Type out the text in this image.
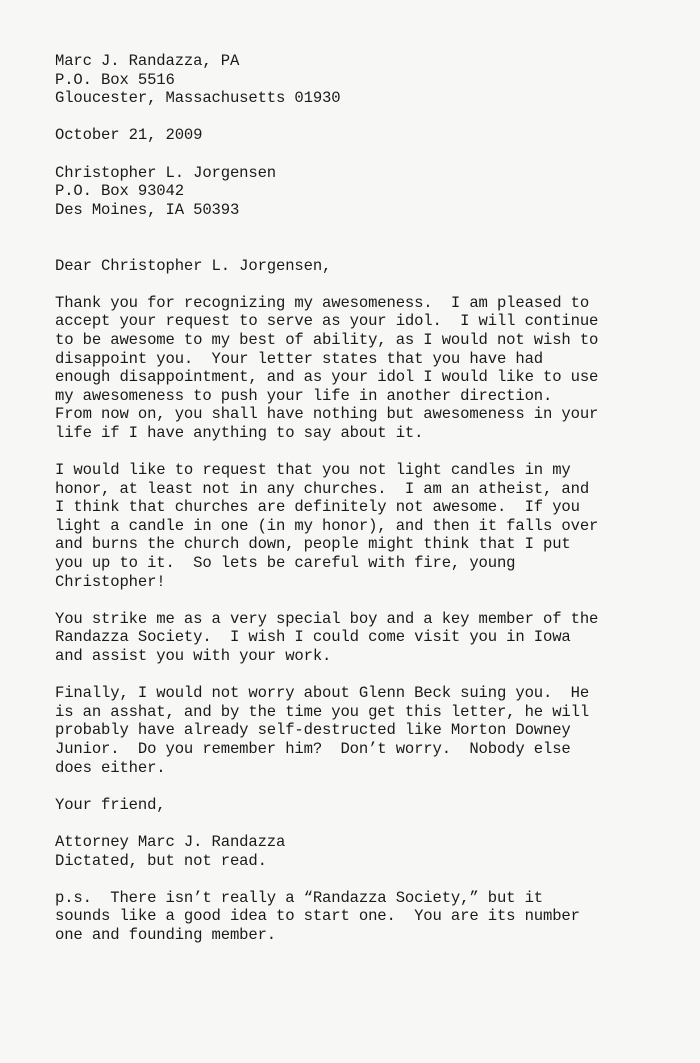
Marc J. Randazza, PA
P.O. Box 5516
Gloucester, Massachusetts 01930
October 21, 2009
Christopher L. Jorgensen
P.O. Box 93042
Des Moines, IA 50393
Dear Christopher L. Jorgensen,
Thank you for recognizing my awesomeness.  I am pleased to
accept your request to serve as your idol.  I will continue
to be awesome to my best of ability, as I would not wish to
disappoint you.  Your letter states that you have had
enough disappointment, and as your idol I would like to use
my awesomeness to push your life in another direction.
From now on, you shall have nothing but awesomeness in your
life if I have anything to say about it.
I would like to request that you not light candles in my
honor, at least not in any churches.  I am an atheist, and
I think that churches are definitely not awesome.  If you
light a candle in one (in my honor), and then it falls over
and burns the church down, people might think that I put
you up to it.  So lets be careful with fire, young
Christopher!
You strike me as a very special boy and a key member of the
Randazza Society.  I wish I could come visit you in Iowa
and assist you with your work.
Finally, I would not worry about Glenn Beck suing you.  He
is an asshat, and by the time you get this letter, he will
probably have already self-destructed like Morton Downey
Junior.  Do you remember him?  Don’t worry.  Nobody else
does either.
Your friend,
Attorney Marc J. Randazza
Dictated, but not read.
p.s.  There isn’t really a “Randazza Society,” but it
sounds like a good idea to start one.  You are its number
one and founding member.
